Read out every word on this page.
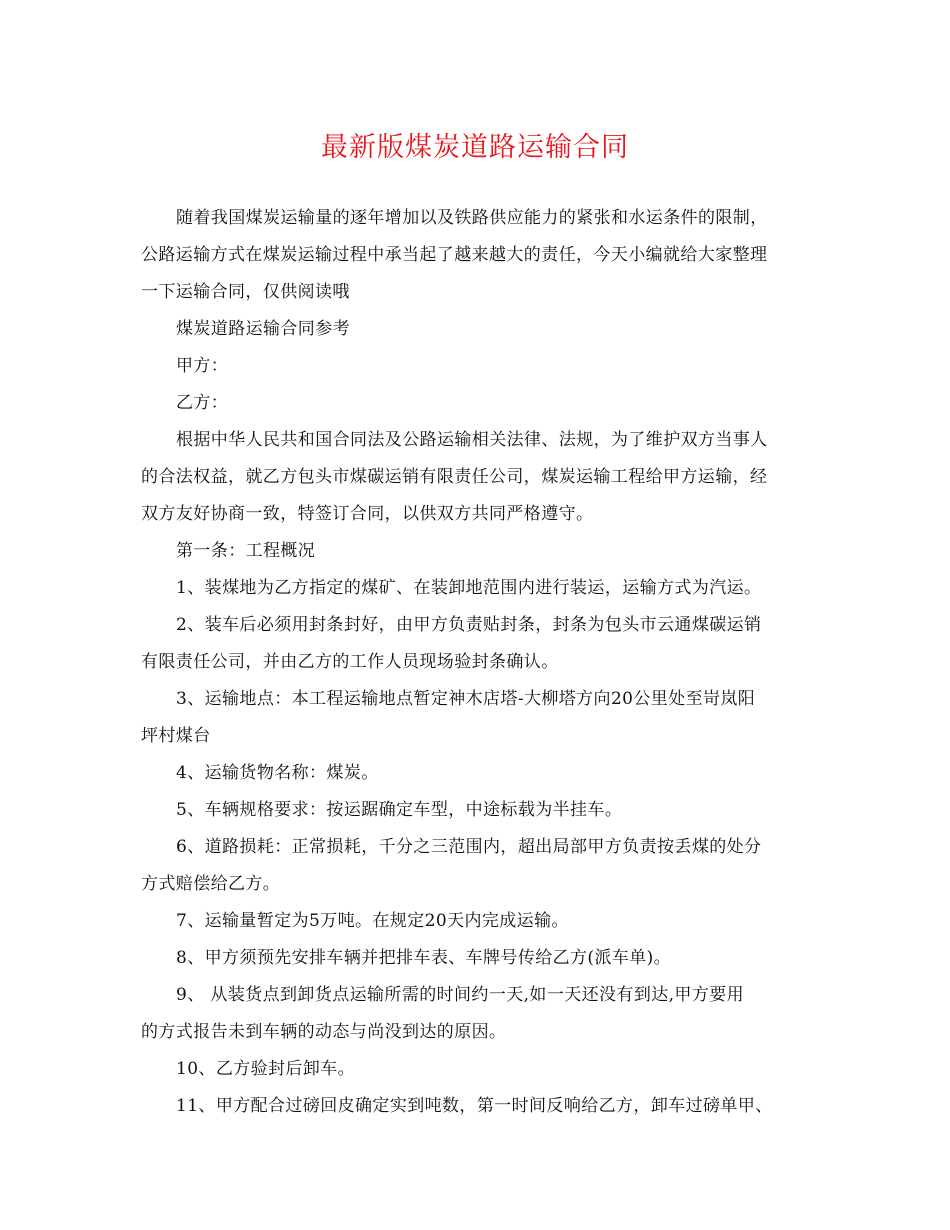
最新版煤炭道路运输合同
随着我国煤炭运输量的逐年增加以及铁路供应能力的紧张和水运条件的限制，
公路运输方式在煤炭运输过程中承当起了越来越大的责任，今天小编就给大家整理
一下运输合同，仅供阅读哦
煤炭道路运输合同参考
甲方：
乙方：
根据中华人民共和国合同法及公路运输相关法律、法规，为了维护双方当事人
的合法权益，就乙方包头市煤碳运销有限责任公司，煤炭运输工程给甲方运输，经
双方友好协商一致，特签订合同，以供双方共同严格遵守。
第一条：工程概况
1、装煤地为乙方指定的煤矿、在装卸地范围内进行装运，运输方式为汽运。
2、装车后必须用封条封好，由甲方负责贴封条，封条为包头市云通煤碳运销
有限责任公司，并由乙方的工作人员现场验封条确认。
3、运输地点：本工程运输地点暂定神木店塔-大柳塔方向20公里处至岢岚阳
坪村煤台
4、运输货物名称：煤炭。
5、车辆规格要求：按运踞确定车型，中途标载为半挂车。
6、道路损耗：正常损耗，千分之三范围内，超出局部甲方负责按丢煤的处分
方式赔偿给乙方。
7、运输量暂定为5万吨。在规定20天内完成运输。
8、甲方须预先安排车辆并把排车表、车牌号传给乙方(派车单)。
9、 从装货点到卸货点运输所需的时间约一天,如一天还没有到达,甲方要用
的方式报告未到车辆的动态与尚没到达的原因。
10、乙方验封后卸车。
11、甲方配合过磅回皮确定实到吨数，第一时间反响给乙方，卸车过磅单甲、
